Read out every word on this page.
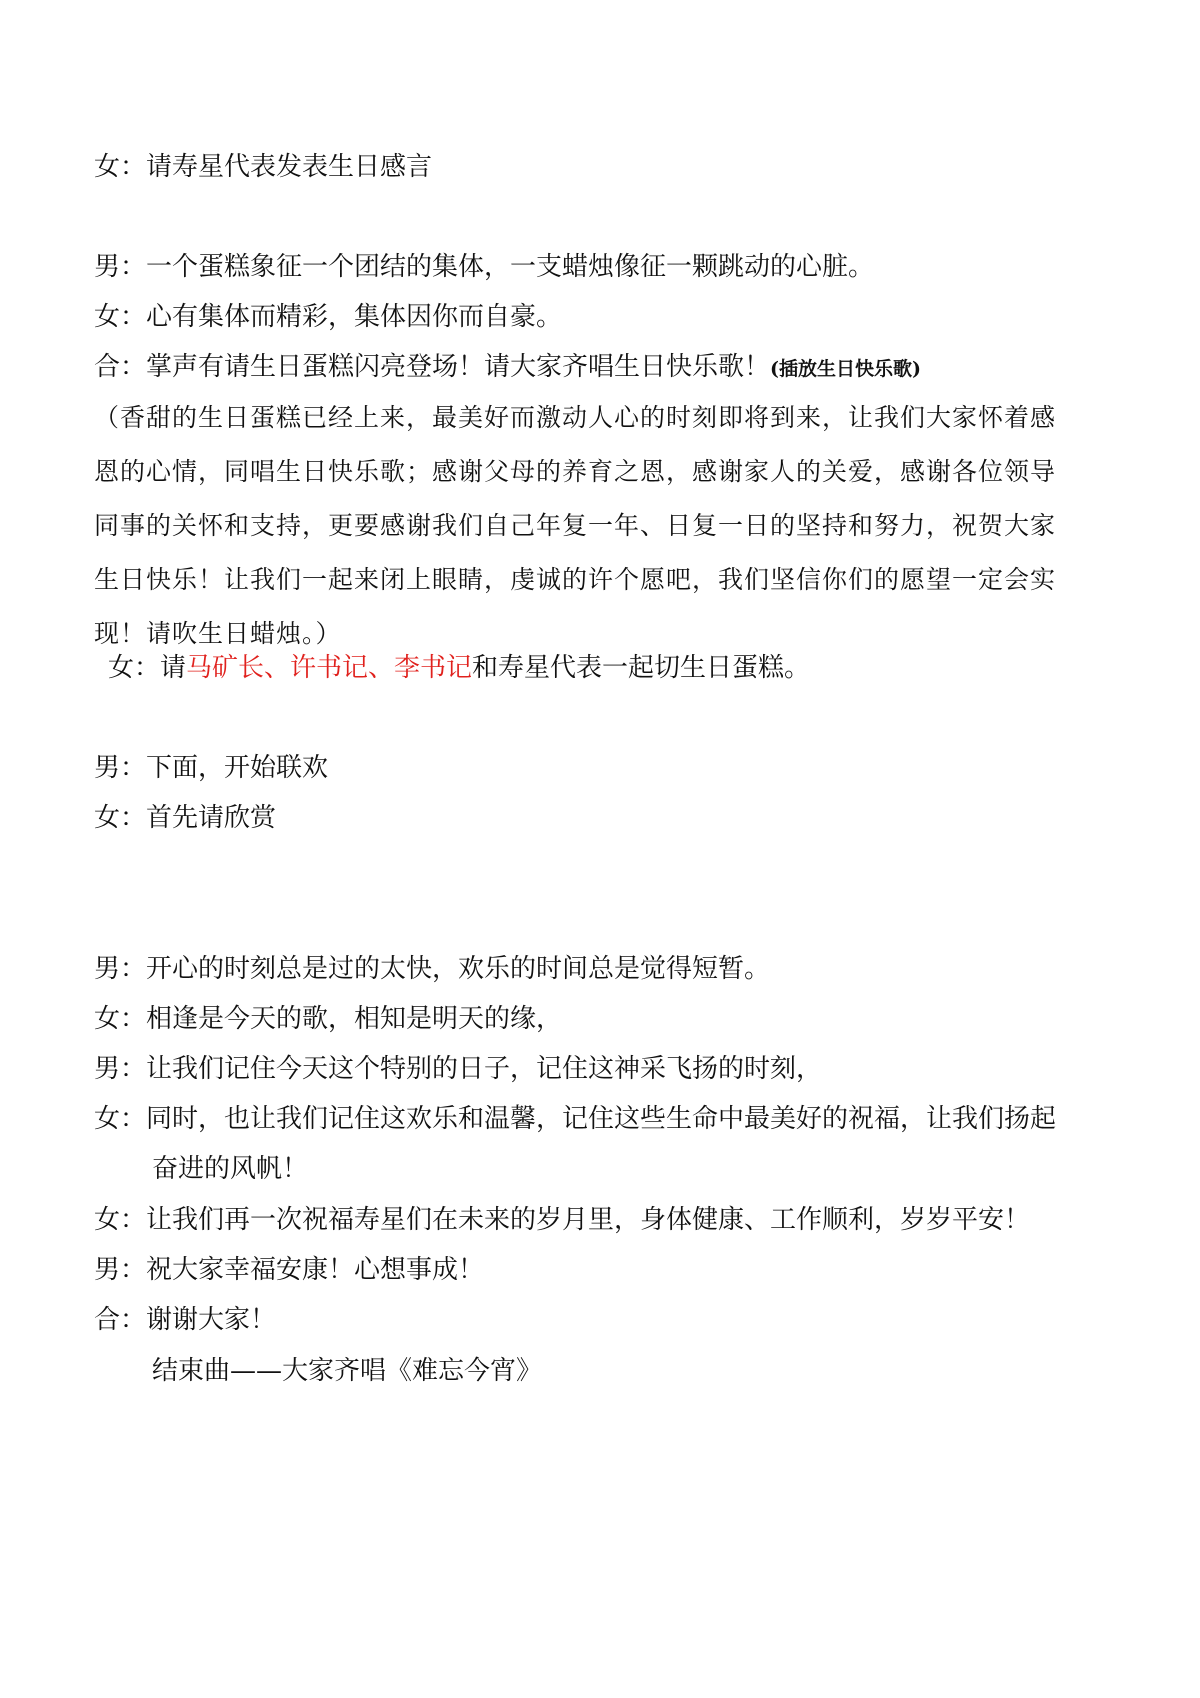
女：请寿星代表发表生日感言
男：一个蛋糕象征一个团结的集体，一支蜡烛像征一颗跳动的心脏。
女：心有集体而精彩，集体因你而自豪。
合：掌声有请生日蛋糕闪亮登场！请大家齐唱生日快乐歌！(插放生日快乐歌)
（香甜的生日蛋糕已经上来，最美好而激动人心的时刻即将到来，让我们大家怀着感
恩的心情，同唱生日快乐歌；感谢父母的养育之恩，感谢家人的关爱，感谢各位领导
同事的关怀和支持，更要感谢我们自己年复一年、日复一日的坚持和努力，祝贺大家
生日快乐！让我们一起来闭上眼睛，虔诚的许个愿吧，我们坚信你们的愿望一定会实
现！请吹生日蜡烛。）
女：请马矿长、许书记、李书记和寿星代表一起切生日蛋糕。
男：下面，开始联欢
女：首先请欣赏
男：开心的时刻总是过的太快，欢乐的时间总是觉得短暂。
女：相逢是今天的歌，相知是明天的缘，
男：让我们记住今天这个特别的日子，记住这神采飞扬的时刻，
女：同时，也让我们记住这欢乐和温馨，记住这些生命中最美好的祝福，让我们扬起
奋进的风帆！
女：让我们再一次祝福寿星们在未来的岁月里，身体健康、工作顺利，岁岁平安！
男：祝大家幸福安康！心想事成！
合：谢谢大家！
结束曲——大家齐唱《难忘今宵》
